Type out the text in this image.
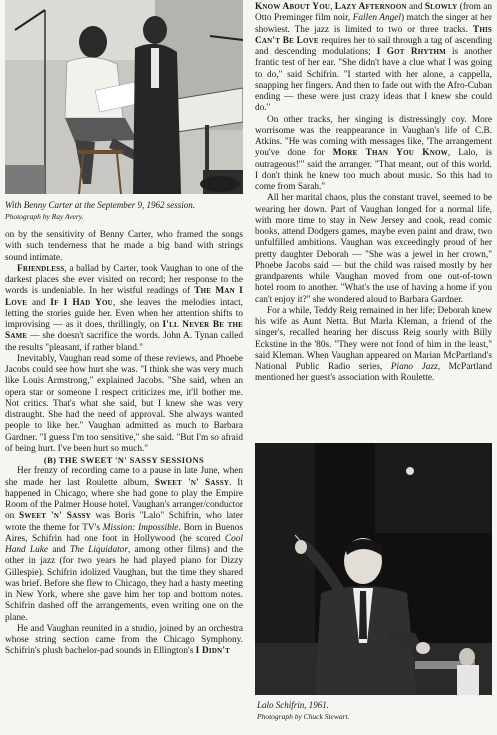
With Benny Carter at the September 9, 1962 session.
Photograph by Ray Avery.

on by the sensitivity of Benny Carter, who framed the songs with such tenderness that he made a big band with strings sound intimate.

Friendless, a ballad by Carter, took Vaughan to one of the darkest places she ever visited on record; her response to the words is undeniable. In her wistful readings of The Man I Love and If I Had You, she leaves the melodies intact, letting the stories guide her. Even when her attention shifts to improvising — as it does, thrillingly, on I'll Never Be the Same — she doesn't sacrifice the words. John A. Tynan called the results "pleasant, if rather bland."

Inevitably, Vaughan read some of these reviews, and Phoebe Jacobs could see how hurt she was. "I think she was very much like Louis Armstrong," explained Jacobs. "She said, when an opera star or someone I respect criticizes me, it'll bother me. Not critics. That's what she said, but I knew she was very distraught. She had the need of approval. She always wanted people to like her." Vaughan admitted as much to Barbara Gardner. "I guess I'm too sensitive," she said. "But I'm so afraid of being hurt. I've been hurt so much."

(B) THE SWEET 'N' SASSY SESSIONS

Her frenzy of recording came to a pause in late June, when she made her last Roulette album, Sweet 'n' Sassy. It happened in Chicago, where she had gone to play the Empire Room of the Palmer House hotel. Vaughan's arranger/conductor on Sweet 'n' Sassy was Boris "Lalo" Schifrin, who later wrote the theme for TV's Mission: Impossible. Born in Buenos Aires, Schifrin had one foot in Hollywood (he scored Cool Hand Luke and The Liquidator, among other films) and the other in jazz (for two years he had played piano for Dizzy Gillespie). Schifrin idolized Vaughan, but the time they shared was brief. Before she flew to Chicago, they had a hasty meeting in New York, where she gave him her top and bottom notes. Schifrin dashed off the arrangements, even writing one on the plane.

He and Vaughan reunited in a studio, joined by an orchestra whose string section came from the Chicago Symphony. Schifrin's plush bachelor-pad sounds in Ellington's I Didn't

Know About You, Lazy Afternoon and Slowly (from an Otto Preminger film noir, Fallen Angel) match the singer at her showiest. The jazz is limited to two or three tracks. This Can't Be Love requires her to sail through a tag of ascending and descending modulations; I Got Rhythm is another frantic test of her ear. "She didn't have a clue what I was going to do," said Schifrin. "I started with her alone, a cappella, snapping her fingers. And then to fade out with the Afro-Cuban ending — these were just crazy ideas that I knew she could do."

On other tracks, her singing is distressingly coy. More worrisome was the reappearance in Vaughan's life of C.B. Atkins. "He was coming with messages like, 'The arrangement you've done for More Than You Know, Lalo, is outrageous!'" said the arranger. "That meant, out of this world. I don't think he knew too much about music. So this had to come from Sarah."

All her marital chaos, plus the constant travel, seemed to be wearing her down. Part of Vaughan longed for a normal life, with more time to stay in New Jersey and cook, read comic books, attend Dodgers games, maybe even paint and draw, two unfulfilled ambitions. Vaughan was exceedingly proud of her pretty daughter Deborah — "She was a jewel in her crown," Phoebe Jacobs said — but the child was raised mostly by her grandparents while Vaughan moved from one out-of-town hotel room to another. "What's the use of having a home if you can't enjoy it?" she wondered aloud to Barbara Gardner.

For a while, Teddy Reig remained in her life; Deborah knew his wife as Aunt Netta. But Marla Kleman, a friend of the singer's, recalled hearing her discuss Reig sourly with Billy Eckstine in the '80s. "They were not fond of him in the least," said Kleman. When Vaughan appeared on Marian McPartland's National Public Radio series, Piano Jazz, McPartland mentioned her guest's association with Roulette.

Lalo Schifrin, 1961.
Photograph by Chuck Stewart.
